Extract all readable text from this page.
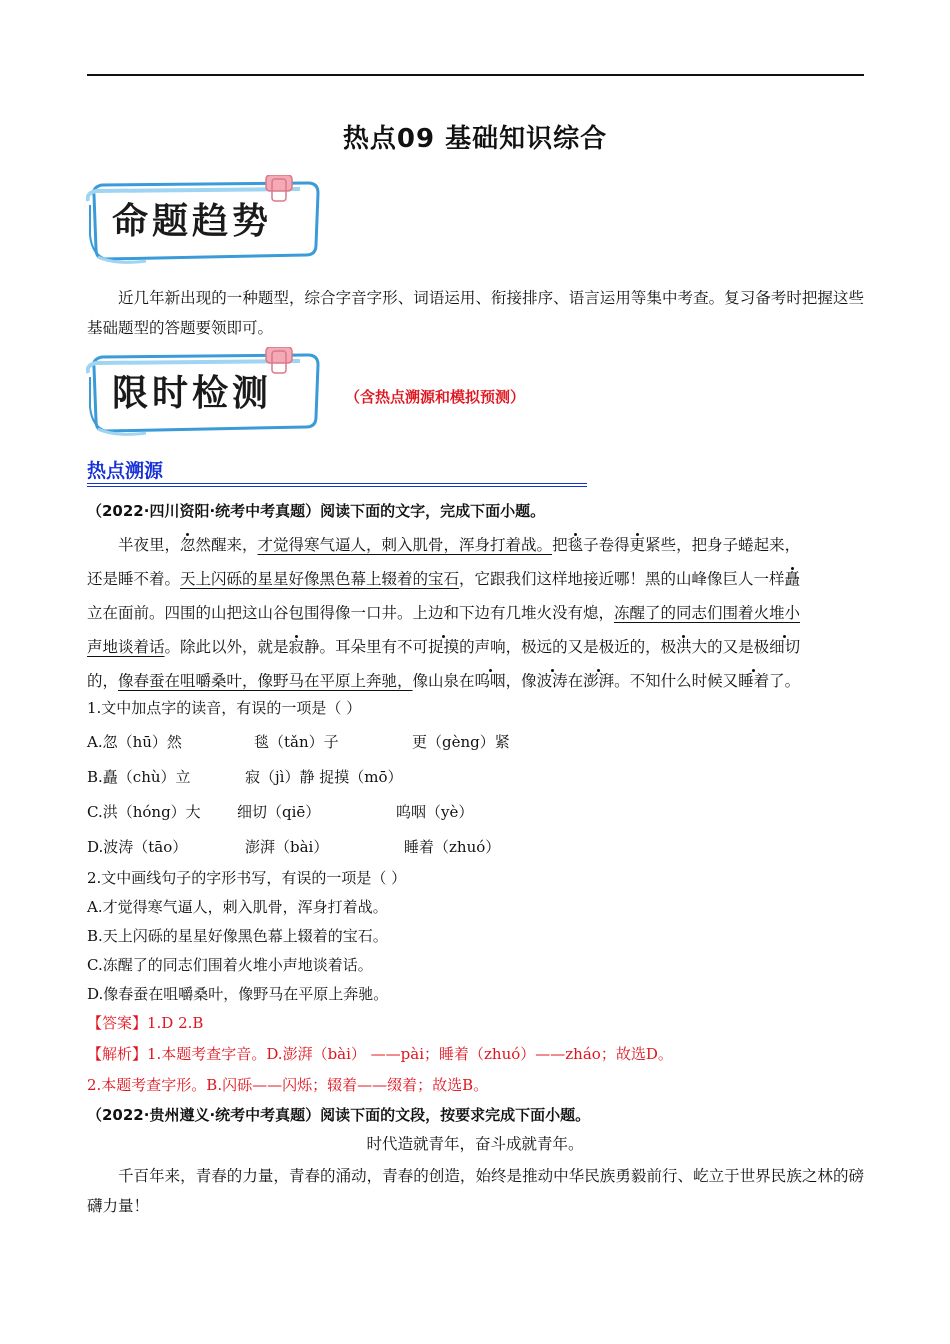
热点09 基础知识综合
命题趋势
近几年新出现的一种题型，综合字音字形、词语运用、衔接排序、语言运用等集中考查。复习备考时把握这些基础题型的答题要领即可。
限时检测	（含热点溯源和模拟预测）
热点溯源
（2022·四川资阳·统考中考真题）阅读下面的文字，完成下面小题。
半夜里，忽然醒来，才觉得寒气逼人，刺入肌骨，浑身打着战。把毯子卷得更紧些，把身子蜷起来，
还是睡不着。天上闪砾的星星好像黑色幕上辍着的宝石，它跟我们这样地接近哪！黑的山峰像巨人一样矗
立在面前。四围的山把这山谷包围得像一口井。上边和下边有几堆火没有熄，冻醒了的同志们围着火堆小
声地谈着话。除此以外，就是寂静。耳朵里有不可捉摸的声响，极远的又是极近的，极洪大的又是极细切
的，像春蚕在咀嚼桑叶，像野马在平原上奔驰，像山泉在呜咽，像波涛在澎湃。不知什么时候又睡着了。
1.文中加点字的读音，有误的一项是（ ）
A.忽（hū）然	毯（tǎn）子	更（gèng）紧
B.矗（chù）立	寂（jì）静 捉摸（mō）
C.洪（hóng）大 细切（qiē）	呜咽（yè）
D.波涛（tāo）	澎湃（bài）	睡着（zhuó）
2.文中画线句子的字形书写，有误的一项是（ ）
A.才觉得寒气逼人，刺入肌骨，浑身打着战。
B.天上闪砾的星星好像黑色幕上辍着的宝石。
C.冻醒了的同志们围着火堆小声地谈着话。
D.像春蚕在咀嚼桑叶，像野马在平原上奔驰。
【答案】1.D 2.B
【解析】1.本题考查字音。D.澎湃（bài） ——pài；睡着（zhuó）——zháo；故选D。
2.本题考查字形。B.闪砾——闪烁；辍着——缀着；故选B。
（2022·贵州遵义·统考中考真题）阅读下面的文段，按要求完成下面小题。
时代造就青年，奋斗成就青年。
千百年来，青春的力量，青春的涌动，青春的创造，始终是推动中华民族勇毅前行、屹立于世界民族之林的磅礴力量！
